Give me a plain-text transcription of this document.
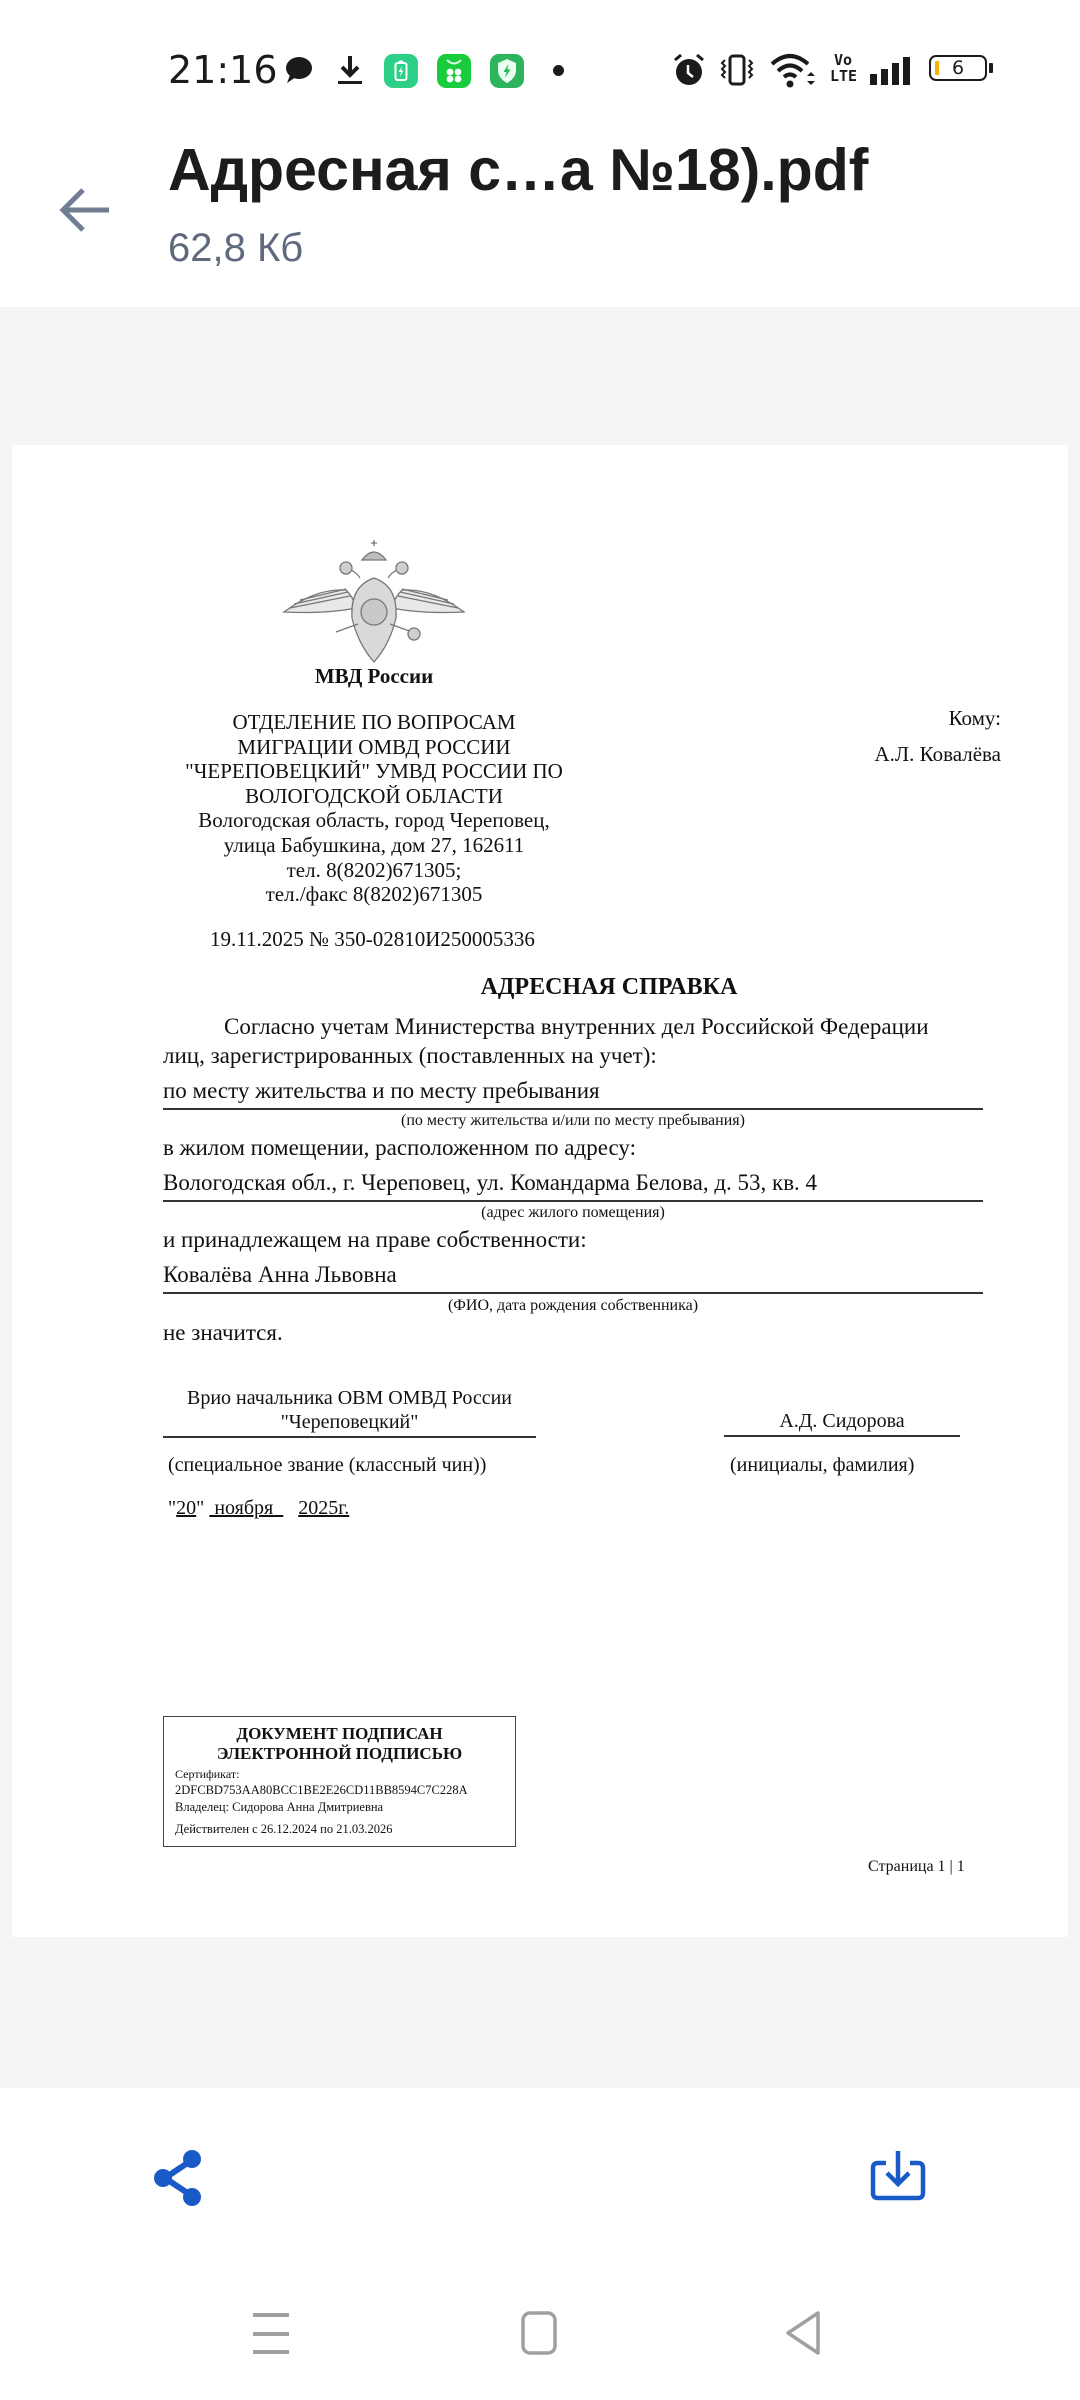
21:16	Vo
LTE	6
Адресная с…а №18).pdf
62,8 Кб
МВД России
ОТДЕЛЕНИЕ ПО ВОПРОСАМ
МИГРАЦИИ ОМВД РОССИИ
"ЧЕРЕПОВЕЦКИЙ" УМВД РОССИИ ПО
ВОЛОГОДСКОЙ ОБЛАСТИ
Вологодская область, город Череповец,
улица Бабушкина, дом 27, 162611
тел. 8(8202)671305;
тел./факс 8(8202)671305
Кому:
А.Л. Ковалёва
19.11.2025 № 350-02810И250005336
АДРЕСНАЯ СПРАВКА
Согласно учетам Министерства внутренних дел Российской Федерации
лиц, зарегистрированных (поставленных на учет):
по месту жительства и по месту пребывания
(по месту жительства и/или по месту пребывания)
в жилом помещении, расположенном по адресу:
Вологодская обл., г. Череповец, ул. Командарма Белова, д. 53, кв. 4
(адрес жилого помещения)
и принадлежащем на праве собственности:
Ковалёва Анна Львовна
(ФИО, дата рождения собственника)
не значится.
Врио начальника ОВМ ОМВД России
"Череповецкий"
(специальное звание (классный чин))
А.Д. Сидорова
(инициалы, фамилия)
"20"  ноября     2025г.
ДОКУМЕНТ ПОДПИСАН
ЭЛЕКТРОННОЙ ПОДПИСЬЮ
Сертификат:
2DFCBD753AA80BCC1BE2E26CD11BB8594C7C228A
Владелец: Сидорова Анна Дмитриевна
Действителен с 26.12.2024 по 21.03.2026
Страница 1 | 1
